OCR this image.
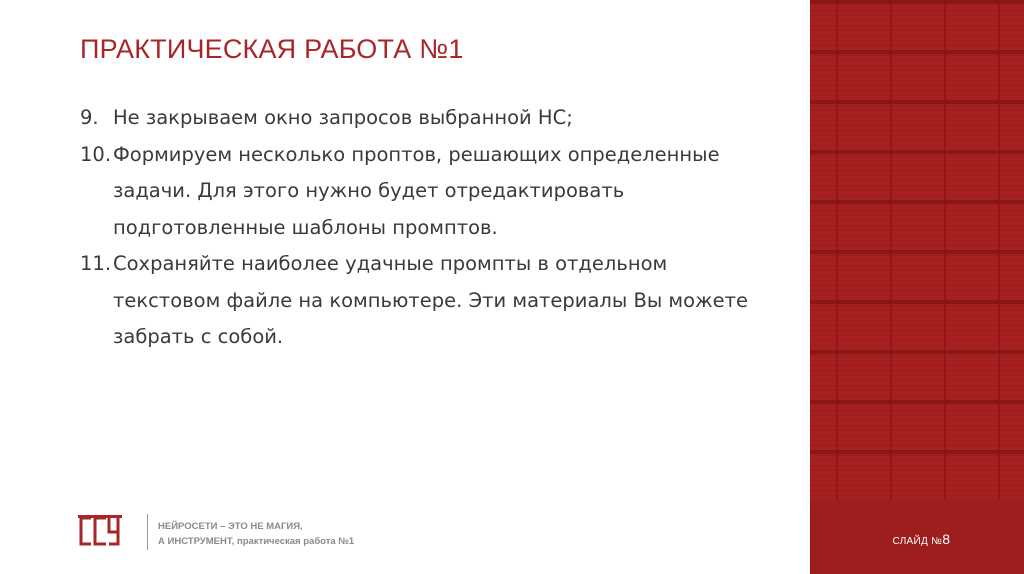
ПРАКТИЧЕСКАЯ РАБОТА №1
9. Не закрываем окно запросов выбранной НС;
10. Формируем несколько проптов, решающих определенные
задачи. Для этого нужно будет отредактировать
подготовленные шаблоны промптов.
11. Сохраняйте наиболее удачные промпты в отдельном
текстовом файле на компьютере. Эти материалы Вы можете
забрать с собой.
НЕЙРОСЕТИ – ЭТО НЕ МАГИЯ,
А ИНСТРУМЕНТ, практическая работа №1	СЛАЙД №8
